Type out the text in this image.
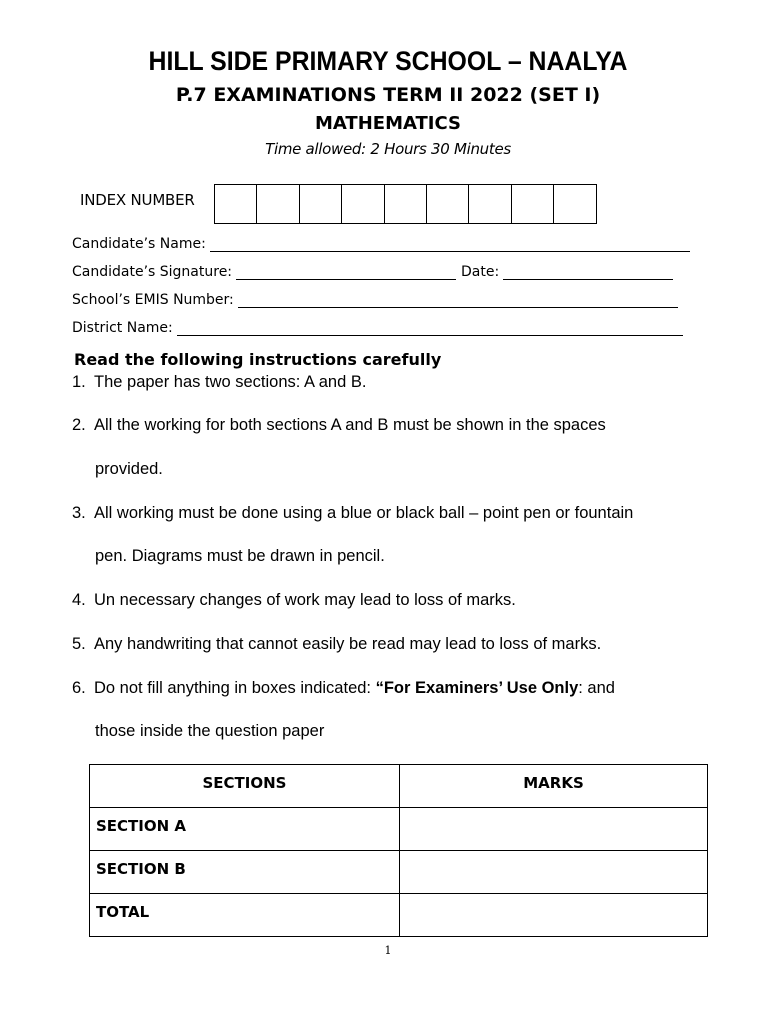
HILL SIDE PRIMARY SCHOOL – NAALYA
P.7 EXAMINATIONS TERM II 2022 (SET I)
MATHEMATICS
Time allowed: 2 Hours 30 Minutes
INDEX NUMBER
Candidate’s Name:
Candidate’s Signature:	Date:
School’s EMIS Number:
District Name:
Read the following instructions carefully
1. The paper has two sections: A and B.
2. All the working for both sections A and B must be shown in the spaces
provided.
3. All working must be done using a blue or black ball – point pen or fountain
pen. Diagrams must be drawn in pencil.
4. Un necessary changes of work may lead to loss of marks.
5. Any handwriting that cannot easily be read may lead to loss of marks.
6. Do not fill anything in boxes indicated: “For Examiners’ Use Only: and
those inside the question paper
SECTIONS	MARKS
SECTION A	
SECTION B	
TOTAL	
1
